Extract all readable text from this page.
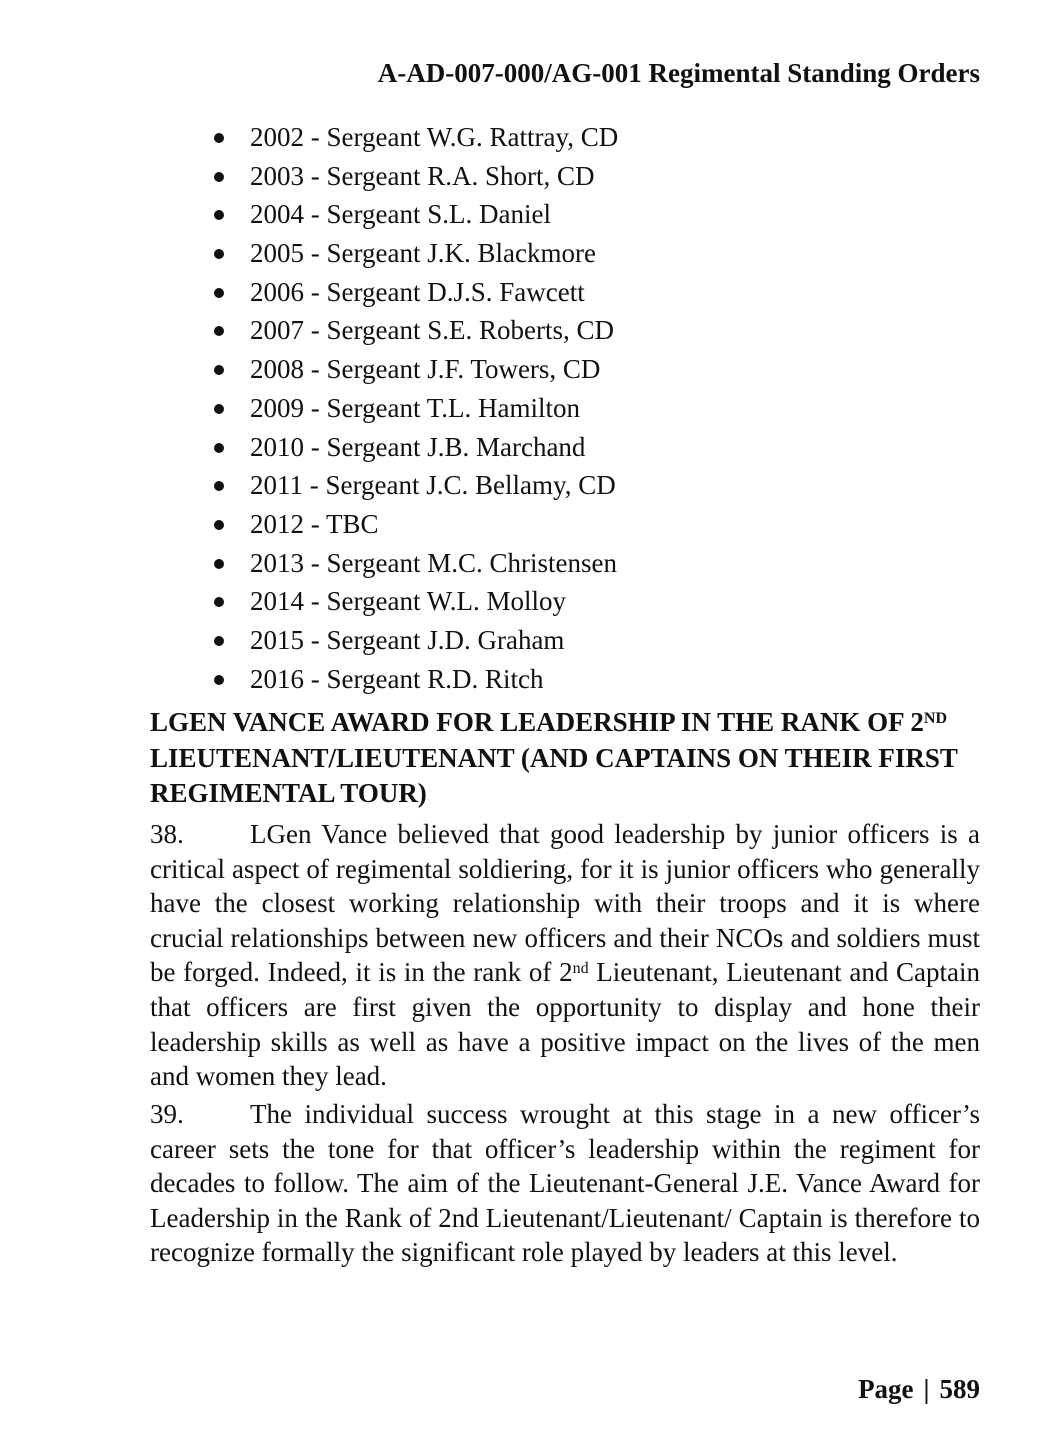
A-AD-007-000/AG-001 Regimental Standing Orders
2002 - Sergeant W.G. Rattray, CD
2003 - Sergeant R.A. Short, CD
2004 - Sergeant S.L. Daniel
2005 - Sergeant J.K. Blackmore
2006 - Sergeant D.J.S. Fawcett
2007 - Sergeant S.E. Roberts, CD
2008 - Sergeant J.F. Towers, CD
2009 - Sergeant T.L. Hamilton
2010 - Sergeant J.B. Marchand
2011 - Sergeant J.C. Bellamy, CD
2012 - TBC
2013 - Sergeant M.C. Christensen
2014 - Sergeant W.L. Molloy
2015 - Sergeant J.D. Graham
2016 - Sergeant R.D. Ritch
LGEN VANCE AWARD FOR LEADERSHIP IN THE RANK OF 2ND LIEUTENANT/LIEUTENANT (AND CAPTAINS ON THEIR FIRST REGIMENTAL TOUR)

38. LGen Vance believed that good leadership by junior officers is a critical aspect of regimental soldiering, for it is junior officers who generally have the closest working relationship with their troops and it is where crucial relationships between new officers and their NCOs and soldiers must be forged. Indeed, it is in the rank of 2nd Lieutenant, Lieutenant and Captain that officers are first given the opportunity to display and hone their leadership skills as well as have a positive impact on the lives of the men and women they lead.

39. The individual success wrought at this stage in a new officer’s career sets the tone for that officer’s leadership within the regiment for decades to follow. The aim of the Lieutenant-General J.E. Vance Award for Leadership in the Rank of 2nd Lieutenant/Lieutenant/ Captain is therefore to recognize formally the significant role played by leaders at this level.

Page | 589
